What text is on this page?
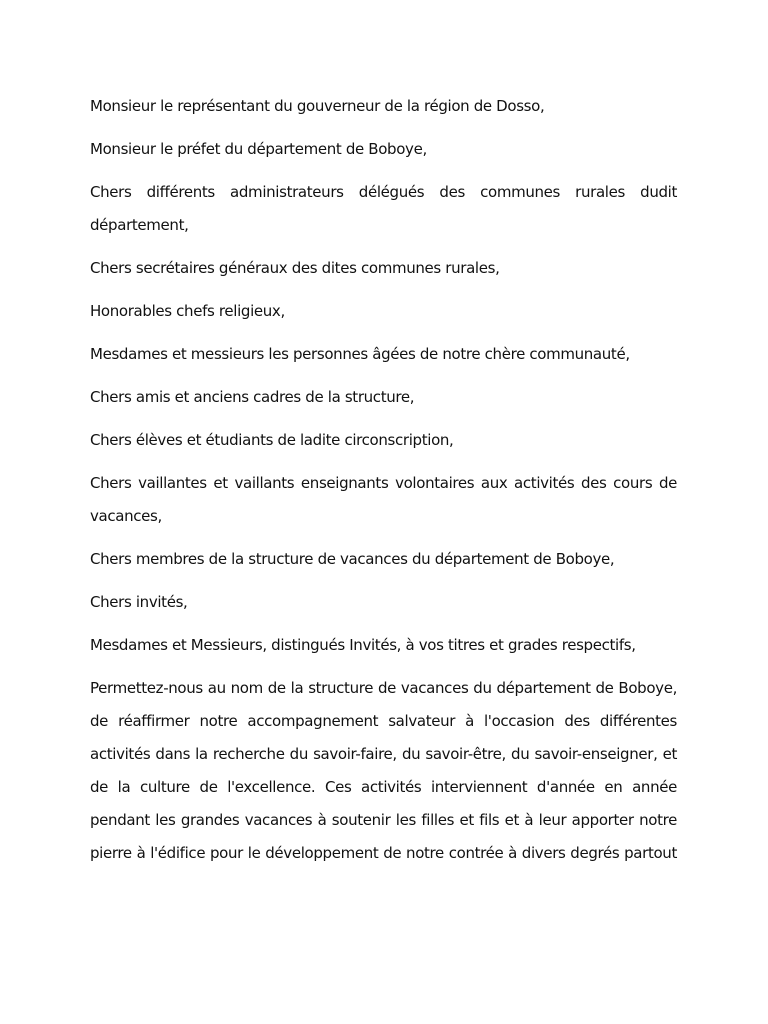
Monsieur le représentant du gouverneur de la région de Dosso,

Monsieur le préfet du département de Boboye,

Chers différents administrateurs délégués des communes rurales dudit département,

Chers secrétaires généraux des dites communes rurales,

Honorables chefs religieux,

Mesdames et messieurs les personnes âgées de notre chère communauté,

Chers amis et anciens cadres de la structure,

Chers élèves et étudiants de ladite circonscription,

Chers vaillantes et vaillants enseignants volontaires aux activités des cours de vacances,

Chers membres de la structure de vacances du département de Boboye,

Chers invités,

Mesdames et Messieurs, distingués Invités, à vos titres et grades respectifs,

Permettez-nous au nom de la structure de vacances du département de Boboye, de réaffirmer notre accompagnement salvateur à l'occasion des différentes activités dans la recherche du savoir-faire, du savoir-être, du savoir-enseigner, et de la culture de l'excellence. Ces activités interviennent d'année en année pendant les grandes vacances à soutenir les filles et fils et à leur apporter notre pierre à l'édifice pour le développement de notre contrée à divers degrés partout
